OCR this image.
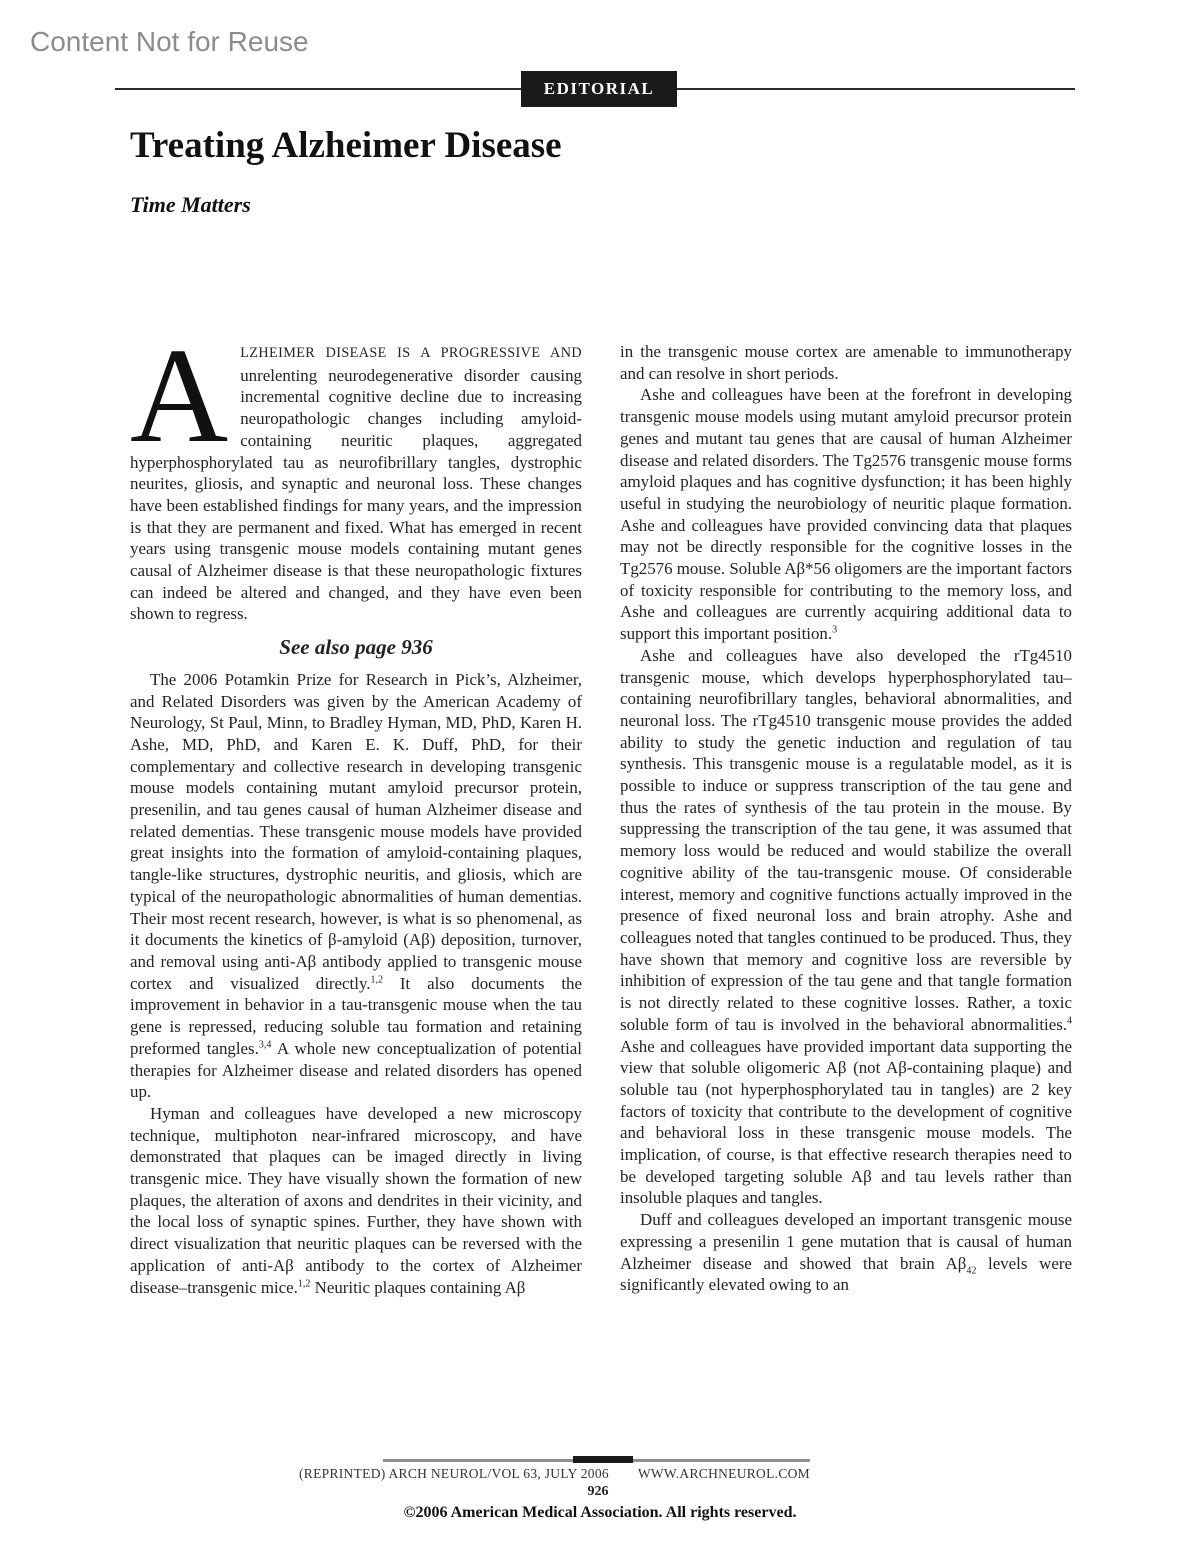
Content Not for Reuse
EDITORIAL
Treating Alzheimer Disease
Time Matters

ALZHEIMER DISEASE IS A PROGRESSIVE AND unrelenting neurodegenerative disorder causing incremental cognitive decline due to increasing neuropathologic changes including amyloid-containing neuritic plaques, aggregated hyperphosphorylated tau as neurofibrillary tangles, dystrophic neurites, gliosis, and synaptic and neuronal loss. These changes have been established findings for many years, and the impression is that they are permanent and fixed. What has emerged in recent years using transgenic mouse models containing mutant genes causal of Alzheimer disease is that these neuropathologic fixtures can indeed be altered and changed, and they have even been shown to regress.

See also page 936

The 2006 Potamkin Prize for Research in Pick’s, Alzheimer, and Related Disorders was given by the American Academy of Neurology, St Paul, Minn, to Bradley Hyman, MD, PhD, Karen H. Ashe, MD, PhD, and Karen E. K. Duff, PhD, for their complementary and collective research in developing transgenic mouse models containing mutant amyloid precursor protein, presenilin, and tau genes causal of human Alzheimer disease and related dementias. These transgenic mouse models have provided great insights into the formation of amyloid-containing plaques, tangle-like structures, dystrophic neuritis, and gliosis, which are typical of the neuropathologic abnormalities of human dementias. Their most recent research, however, is what is so phenomenal, as it documents the kinetics of β-amyloid (Aβ) deposition, turnover, and removal using anti-Aβ antibody applied to transgenic mouse cortex and visualized directly.$^{1,2}$ It also documents the improvement in behavior in a tau-transgenic mouse when the tau gene is repressed, reducing soluble tau formation and retaining preformed tangles.$^{3,4}$ A whole new conceptualization of potential therapies for Alzheimer disease and related disorders has opened up.

Hyman and colleagues have developed a new microscopy technique, multiphoton near-infrared microscopy, and have demonstrated that plaques can be imaged directly in living transgenic mice. They have visually shown the formation of new plaques, the alteration of axons and dendrites in their vicinity, and the local loss of synaptic spines. Further, they have shown with direct visualization that neuritic plaques can be reversed with the application of anti-Aβ antibody to the cortex of Alzheimer disease–transgenic mice.$^{1,2}$ Neuritic plaques containing Aβ

in the transgenic mouse cortex are amenable to immunotherapy and can resolve in short periods.

Ashe and colleagues have been at the forefront in developing transgenic mouse models using mutant amyloid precursor protein genes and mutant tau genes that are causal of human Alzheimer disease and related disorders. The Tg2576 transgenic mouse forms amyloid plaques and has cognitive dysfunction; it has been highly useful in studying the neurobiology of neuritic plaque formation. Ashe and colleagues have provided convincing data that plaques may not be directly responsible for the cognitive losses in the Tg2576 mouse. Soluble Aβ*56 oligomers are the important factors of toxicity responsible for contributing to the memory loss, and Ashe and colleagues are currently acquiring additional data to support this important position.$^3$

Ashe and colleagues have also developed the rTg4510 transgenic mouse, which develops hyperphosphorylated tau–containing neurofibrillary tangles, behavioral abnormalities, and neuronal loss. The rTg4510 transgenic mouse provides the added ability to study the genetic induction and regulation of tau synthesis. This transgenic mouse is a regulatable model, as it is possible to induce or suppress transcription of the tau gene and thus the rates of synthesis of the tau protein in the mouse. By suppressing the transcription of the tau gene, it was assumed that memory loss would be reduced and would stabilize the overall cognitive ability of the tau-transgenic mouse. Of considerable interest, memory and cognitive functions actually improved in the presence of fixed neuronal loss and brain atrophy. Ashe and colleagues noted that tangles continued to be produced. Thus, they have shown that memory and cognitive loss are reversible by inhibition of expression of the tau gene and that tangle formation is not directly related to these cognitive losses. Rather, a toxic soluble form of tau is involved in the behavioral abnormalities.$^4$ Ashe and colleagues have provided important data supporting the view that soluble oligomeric Aβ (not Aβ-containing plaque) and soluble tau (not hyperphosphorylated tau in tangles) are 2 key factors of toxicity that contribute to the development of cognitive and behavioral loss in these transgenic mouse models. The implication, of course, is that effective research therapies need to be developed targeting soluble Aβ and tau levels rather than insoluble plaques and tangles.

Duff and colleagues developed an important transgenic mouse expressing a presenilin 1 gene mutation that is causal of human Alzheimer disease and showed that brain $A\beta_{42}$ levels were significantly elevated owing to an

(REPRINTED) ARCH NEUROL/VOL 63, JULY 2006 WWW.ARCHNEUROL.COM
926
©2006 American Medical Association. All rights reserved.
